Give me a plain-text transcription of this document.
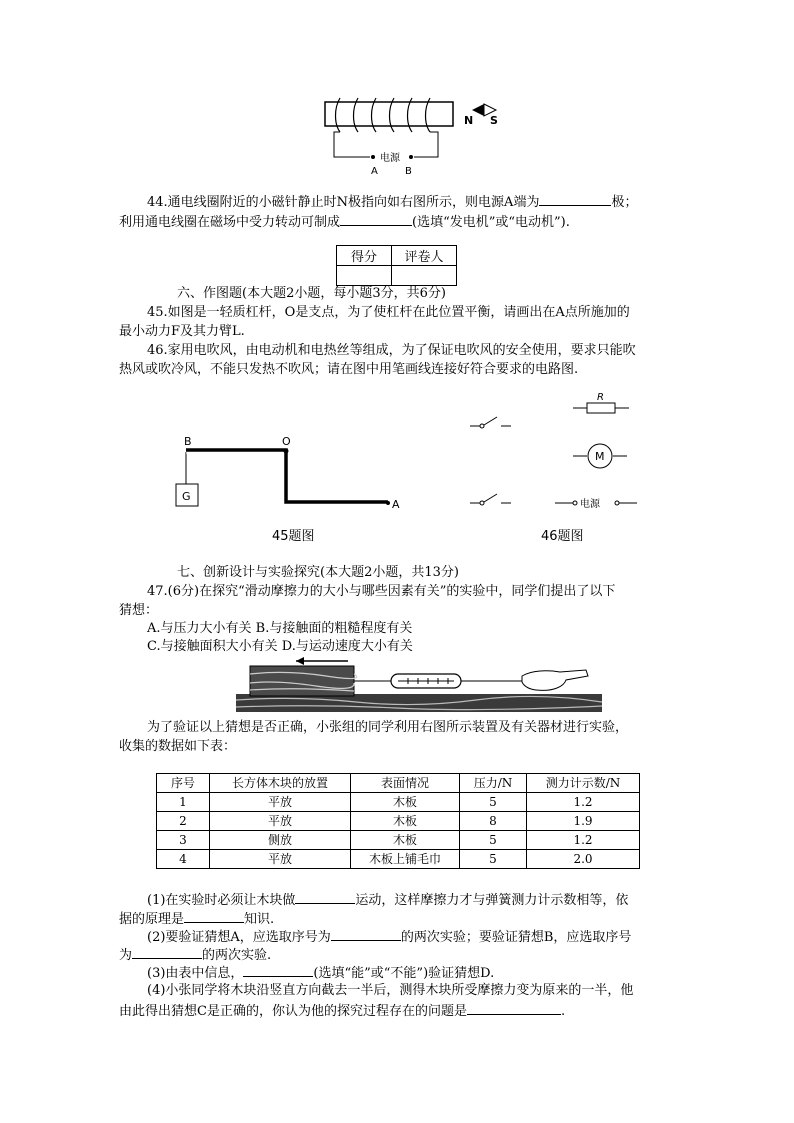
电源
A	B
N S
44.通电线圈附近的小磁针静止时N极指向如右图所示，则电源A端为	极；
利用通电线圈在磁场中受力转动可制成	(选填“发电机”或“电动机”).
得分	评卷人

六、作图题(本大题2小题，每小题3分，共6分)
45.如图是一轻质杠杆，O是支点，为了使杠杆在此位置平衡，请画出在A点所施加的
最小动力F及其力臂L.
46.家用电吹风，由电动机和电热丝等组成，为了保证电吹风的安全使用，要求只能吹
热风或吹冷风，不能只发热不吹风；请在图中用笔画线连接好符合要求的电路图.
B	O
G
A
45题图
R
M
电源
46题图
七、创新设计与实验探究(本大题2小题，共13分)
47.(6分)在探究“滑动摩擦力的大小与哪些因素有关”的实验中，同学们提出了以下
猜想：
A.与压力大小有关 B.与接触面的粗糙程度有关
C.与接触面积大小有关 D.与运动速度大小有关
为了验证以上猜想是否正确，小张组的同学利用右图所示装置及有关器材进行实验，
收集的数据如下表：
序号	长方体木块的放置	表面情况	压力/N	测力计示数/N
1	平放	木板	5	1.2
2	平放	木板	8	1.9
3	侧放	木板	5	1.2
4	平放	木板上铺毛巾	5	2.0
(1)在实验时必须让木块做	运动，这样摩擦力才与弹簧测力计示数相等，依
据的原理是	知识.
(2)要验证猜想A，应选取序号为	的两次实验；要验证猜想B，应选取序号
为	的两次实验.
(3)由表中信息，	(选填“能”或“不能”)验证猜想D.
(4)小张同学将木块沿竖直方向截去一半后，测得木块所受摩擦力变为原来的一半，他
由此得出猜想C是正确的，你认为他的探究过程存在的问题是	.
